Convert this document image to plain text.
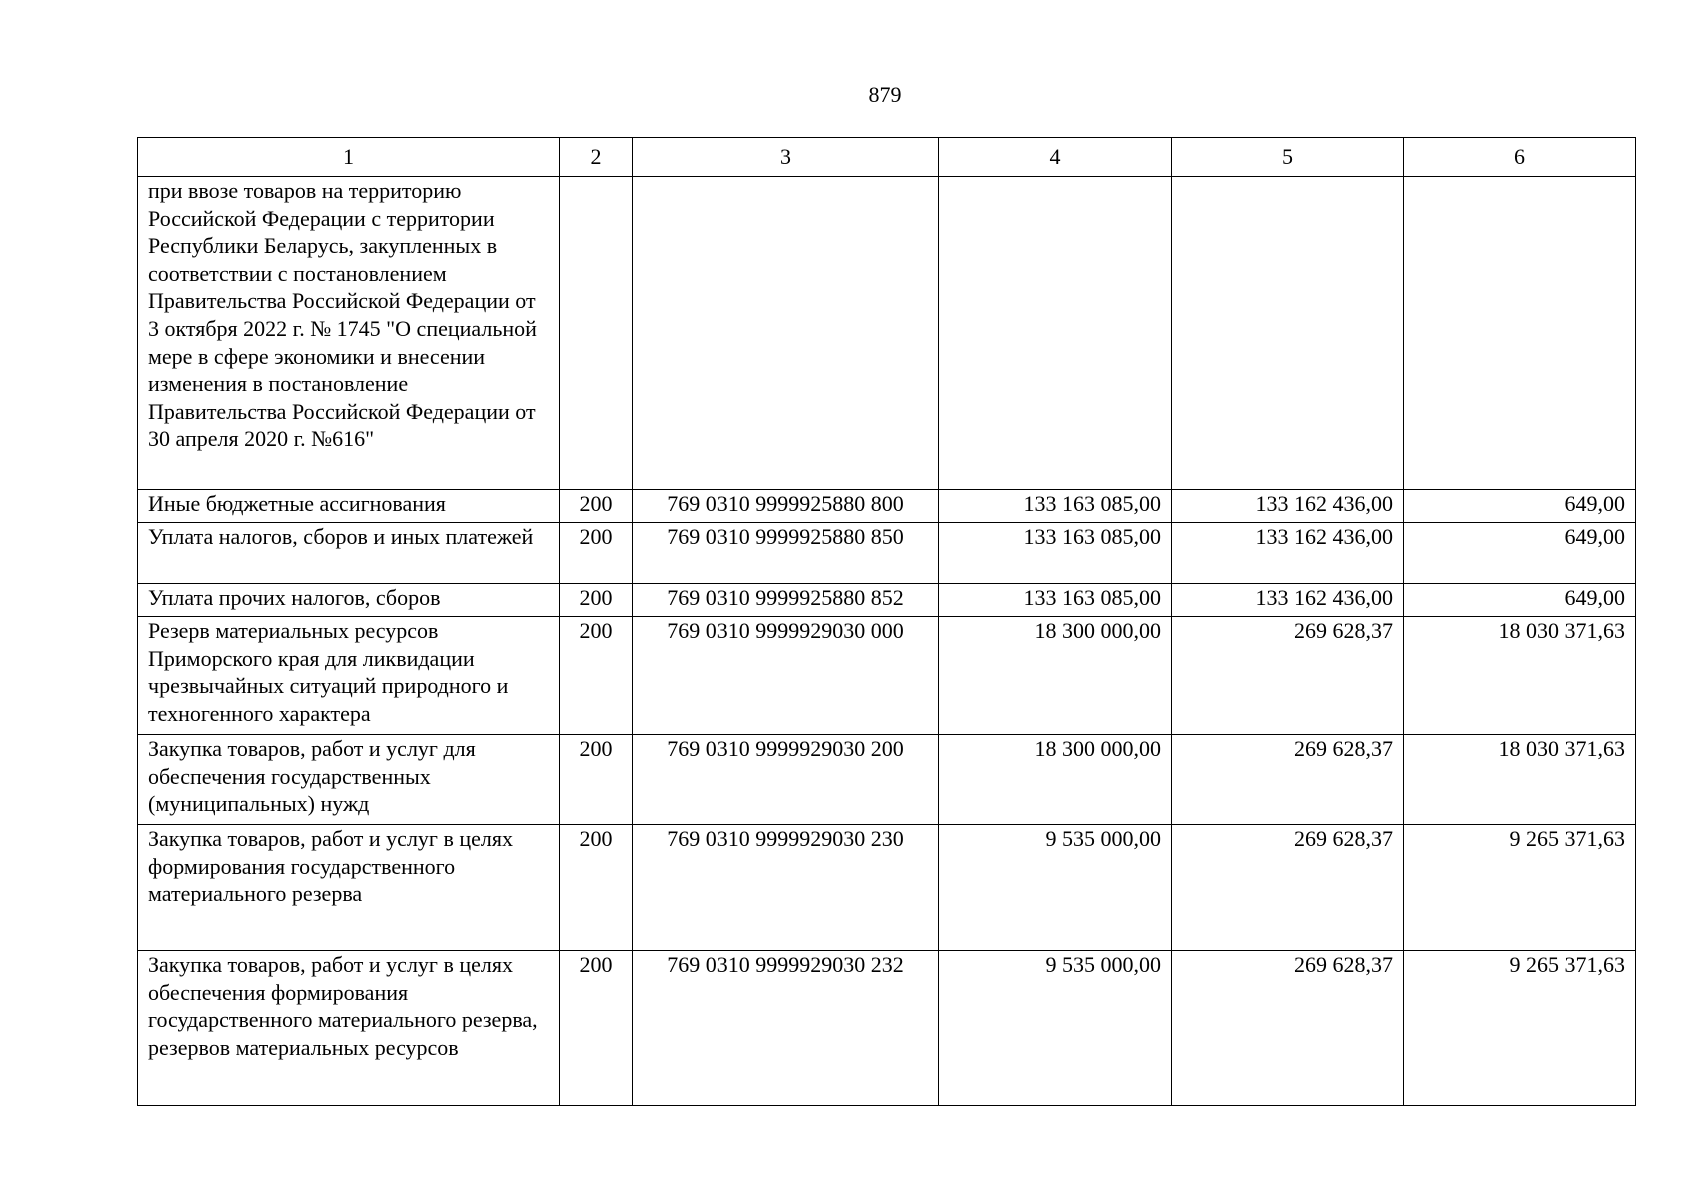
879
1	2	3	4	5	6
при ввозе товаров на территорию Российской Федерации с территории Республики Беларусь, закупленных в соответствии с постановлением Правительства Российской Федерации от 3 октября 2022 г. № 1745 "О специальной мере в сфере экономики и внесении изменения в постановление Правительства Российской Федерации от 30 апреля 2020 г. №616"					
Иные бюджетные ассигнования	200	769 0310 9999925880 800	133 163 085,00	133 162 436,00	649,00
Уплата налогов, сборов и иных платежей	200	769 0310 9999925880 850	133 163 085,00	133 162 436,00	649,00
Уплата прочих налогов, сборов	200	769 0310 9999925880 852	133 163 085,00	133 162 436,00	649,00
Резерв материальных ресурсов Приморского края для ликвидации чрезвычайных ситуаций природного и техногенного характера	200	769 0310 9999929030 000	18 300 000,00	269 628,37	18 030 371,63
Закупка товаров, работ и услуг для обеспечения государственных (муниципальных) нужд	200	769 0310 9999929030 200	18 300 000,00	269 628,37	18 030 371,63
Закупка товаров, работ и услуг в целях формирования государственного материального резерва	200	769 0310 9999929030 230	9 535 000,00	269 628,37	9 265 371,63
Закупка товаров, работ и услуг в целях обеспечения формирования государственного материального резерва, резервов материальных ресурсов	200	769 0310 9999929030 232	9 535 000,00	269 628,37	9 265 371,63
